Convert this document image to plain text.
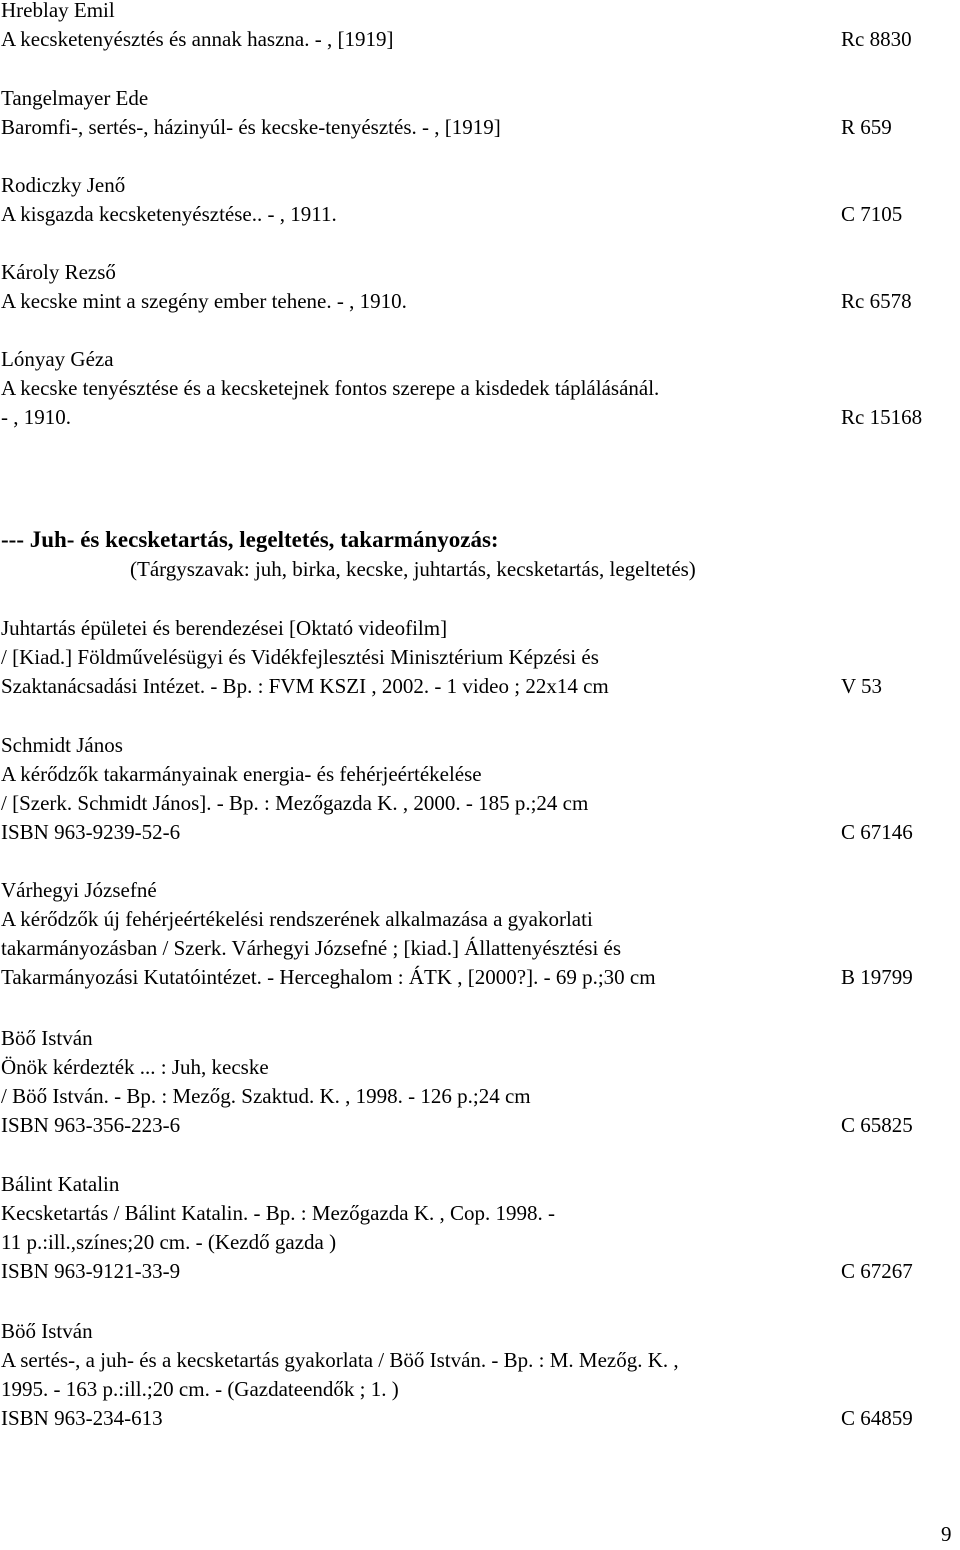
Hreblay Emil
A kecsketenyésztés és annak haszna. - , [1919]	Rc 8830
Tangelmayer Ede
Baromfi-, sertés-, házinyúl- és kecske-tenyésztés. - , [1919]	R 659
Rodiczky Jenő
A kisgazda kecsketenyésztése.. - , 1911.	C 7105
Károly Rezső
A kecske mint a szegény ember tehene. - , 1910.	Rc 6578
Lónyay Géza
A kecske tenyésztése és a kecsketejnek fontos szerepe a kisdedek táplálásánál.
- , 1910.	Rc 15168
--- Juh- és kecsketartás, legeltetés, takarmányozás:
(Tárgyszavak: juh, birka, kecske, juhtartás, kecsketartás, legeltetés)
Juhtartás épületei és berendezései [Oktató videofilm]
/ [Kiad.] Földművelésügyi és Vidékfejlesztési Minisztérium Képzési és
Szaktanácsadási Intézet. - Bp. : FVM KSZI , 2002. - 1 video ; 22x14 cm	V 53
Schmidt János
A kérődzők takarmányainak energia- és fehérjeértékelése
/ [Szerk. Schmidt János]. - Bp. : Mezőgazda K. , 2000. - 185 p.;24 cm
ISBN 963-9239-52-6	C 67146
Várhegyi Józsefné
A kérődzők új fehérjeértékelési rendszerének alkalmazása a gyakorlati
takarmányozásban / Szerk. Várhegyi Józsefné ; [kiad.] Állattenyésztési és
Takarmányozási Kutatóintézet. - Herceghalom : ÁTK , [2000?]. - 69 p.;30 cm	B 19799
Böő István
Önök kérdezték ... : Juh, kecske
/ Böő István. - Bp. : Mezőg. Szaktud. K. , 1998. - 126 p.;24 cm
ISBN 963-356-223-6	C 65825
Bálint Katalin
Kecsketartás / Bálint Katalin. - Bp. : Mezőgazda K. , Cop. 1998. -
11 p.:ill.,színes;20 cm. - (Kezdő gazda )
ISBN 963-9121-33-9	C 67267
Böő István
A sertés-, a juh- és a kecsketartás gyakorlata / Böő István. - Bp. : M. Mezőg. K. ,
1995. - 163 p.:ill.;20 cm. - (Gazdateendők ; 1. )
ISBN 963-234-613	C 64859
9
